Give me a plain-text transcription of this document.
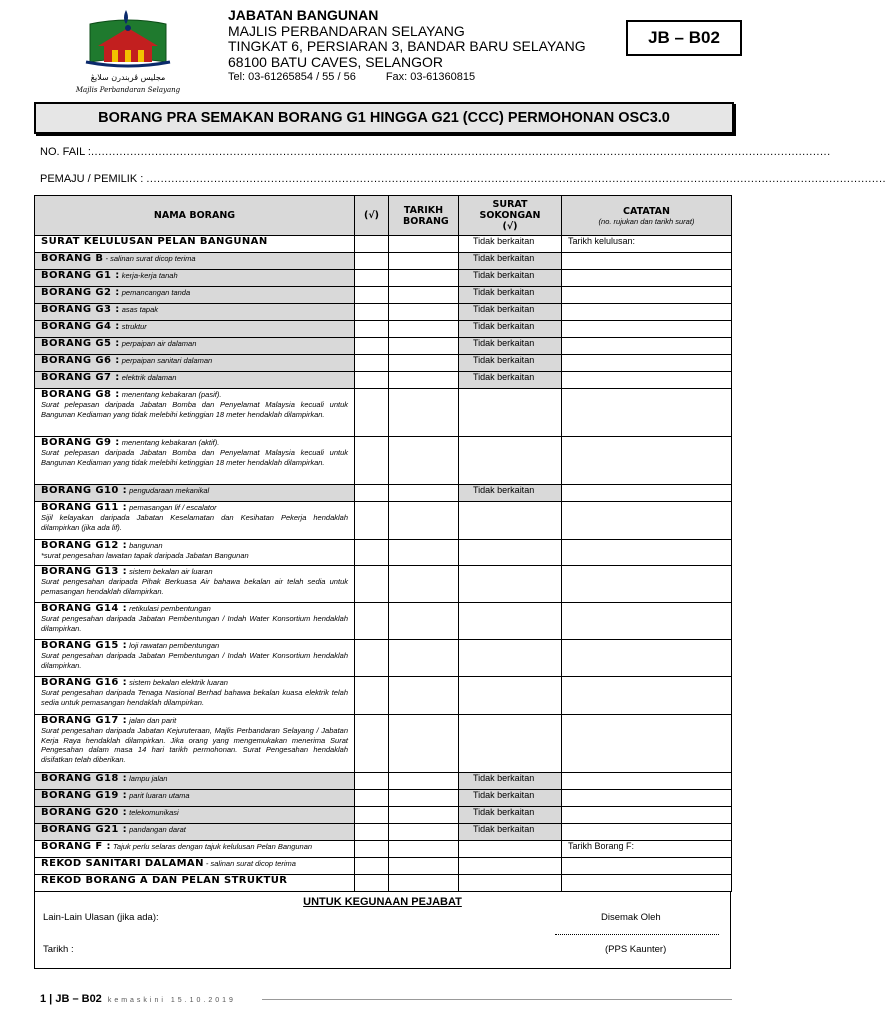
مجليس ڤربندرن سلايڠ
Majlis Perbandaran Selayang
JABATAN BANGUNAN
MAJLIS PERBANDARAN SELAYANG
TINGKAT 6, PERSIARAN 3, BANDAR BARU SELAYANG
68100 BATU CAVES, SELANGOR
Tel: 03-61265854 / 55 / 56	Fax: 03-61360815
JB – B02
BORANG PRA SEMAKAN BORANG G1 HINGGA G21 (CCC) PERMOHONAN OSC3.0
NO. FAIL :................................................................................................................................................................................................................
PEMAJU / PEMILIK : ................................................................................................................................................................................................................
NAMA BORANG	(√)	TARIKH BORANG	SURAT SOKONGAN (√)	CATATAN
(no. rujukan dan tarikh surat)

SURAT KELULUSAN PELAN BANGUNAN			Tidak berkaitan	Tarikh kelulusan:
BORANG B - salinan surat dicop terima			Tidak berkaitan	
BORANG G1 : kerja-kerja tanah			Tidak berkaitan	
BORANG G2 : pemancangan tanda			Tidak berkaitan	
BORANG G3 : asas tapak			Tidak berkaitan	
BORANG G4 : struktur			Tidak berkaitan	
BORANG G5 : perpaipan air dalaman			Tidak berkaitan	
BORANG G6 : perpaipan sanitari dalaman			Tidak berkaitan	
BORANG G7 : elektrik dalaman			Tidak berkaitan	
BORANG G8 : menentang kebakaran (pasif).
Surat pelepasan daripada Jabatan Bomba dan Penyelamat Malaysia kecuali untuk Bangunan Kediaman yang tidak melebihi ketinggian 18 meter hendaklah dilampirkan.				

BORANG G9 : menentang kebakaran (aktif).
Surat pelepasan daripada Jabatan Bomba dan Penyelamat Malaysia kecuali untuk Bangunan Kediaman yang tidak melebihi ketinggian 18 meter hendaklah dilampirkan.				

BORANG G10 : pengudaraan mekanikal			Tidak berkaitan	
BORANG G11 : pemasangan lif / escalator
Sijil kelayakan daripada Jabatan Keselamatan dan Kesihatan Pekerja hendaklah dilampirkan (jika ada lif).				

BORANG G12 : bangunan
*surat pengesahan lawatan tapak daripada Jabatan Bangunan				

BORANG G13 : sistem bekalan air luaran
Surat pengesahan daripada Pihak Berkuasa Air bahawa bekalan air telah sedia untuk pemasangan hendaklah dilampirkan.				

BORANG G14 : retikulasi pembentungan
Surat pengesahan daripada Jabatan Pembentungan / Indah Water Konsortium hendaklah dilampirkan.				

BORANG G15 : loji rawatan pembentungan
Surat pengesahan daripada Jabatan Pembentungan / Indah Water Konsortium hendaklah dilampirkan.				

BORANG G16 : sistem bekalan elektrik luaran
Surat pengesahan daripada Tenaga Nasional Berhad bahawa bekalan kuasa elektrik telah sedia untuk pemasangan hendaklah dilampirkan.				

BORANG G17 : jalan dan parit
Surat pengesahan daripada Jabatan Kejuruteraan, Majlis Perbandaran Selayang / Jabatan Kerja Raya hendaklah dilampirkan. Jika orang yang mengemukakan menerima Surat Pengesahan dalam masa 14 hari tarikh permohonan. Surat Pengesahan hendaklah disifatkan telah diberikan.				

BORANG G18 : lampu jalan			Tidak berkaitan	
BORANG G19 : parit luaran utama			Tidak berkaitan	
BORANG G20 : telekomunikasi			Tidak berkaitan	
BORANG G21 : pandangan darat			Tidak berkaitan	
BORANG F : Tajuk perlu selaras dengan tajuk kelulusan Pelan Bangunan				Tarikh Borang F:
REKOD SANITARI DALAMAN - salinan surat dicop terima				
REKOD BORANG A DAN PELAN STRUKTUR				
UNTUK KEGUNAAN PEJABAT
Lain-Lain Ulasan (jika ada):	Disemak Oleh
Tarikh :	(PPS Kaunter)
1 | JB – B02 kemaskini 15.10.2019
